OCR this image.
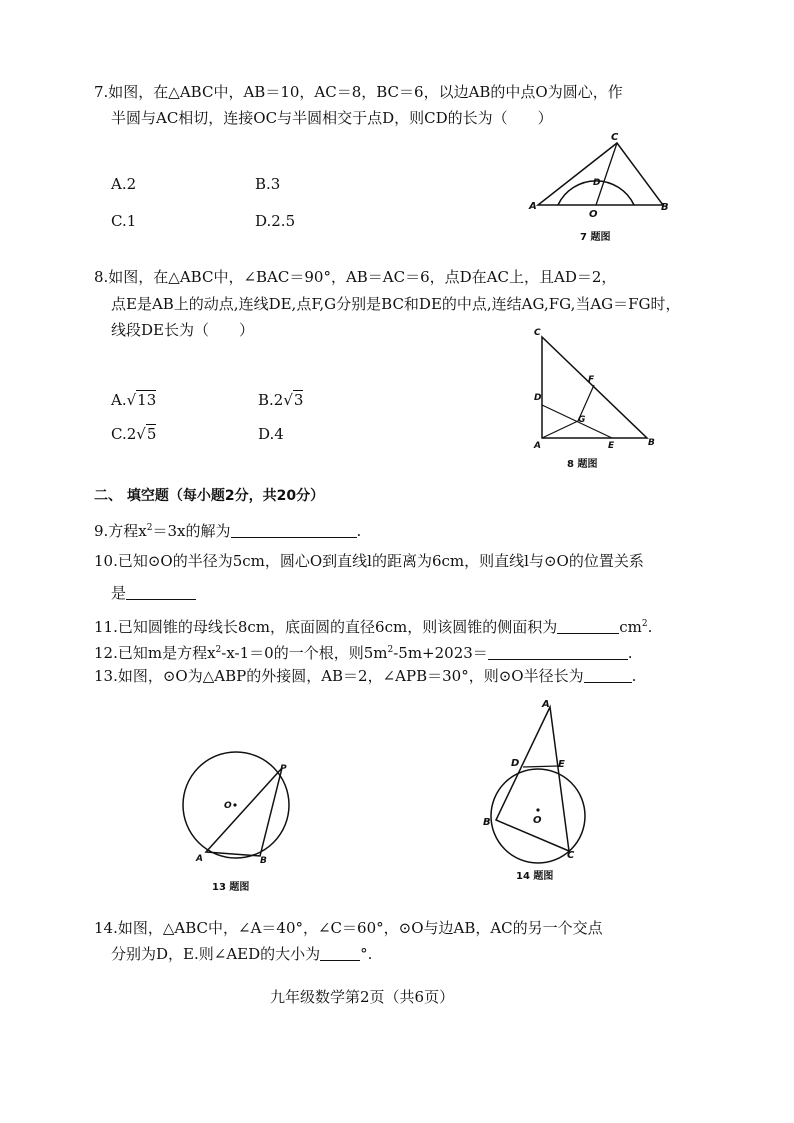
7.如图，在△ABC中，AB＝10，AC＝8，BC＝6，以边AB的中点O为圆心，作
半圆与AC相切，连接OC与半圆相交于点D，则CD的长为（　　）
A.2	B.3
C.1	D.2.5
C
D
A
O
B
7 题图
8.如图，在△ABC中，∠BAC＝90°，AB＝AC＝6，点D在AC上，且AD＝2，
点E是AB上的动点,连线DE,点F,G分别是BC和DE的中点,连结AG,FG,当AG＝FG时，
线段DE长为（　　）
A.√13	B.2√3
C.2√5	D.4
C
F
D
G
A	E	B
8 题图
二、 填空题（每小题2分，共20分）
9.方程$x^2=3x$的解为	.
10.已知⊙O的半径为5cm，圆心O到直线l的距离为6cm，则直线l与⊙O的位置关系
是
11.已知圆锥的母线长8cm，底面圆的直径6cm，则该圆锥的侧面积为	$cm^2$.
12.已知m是方程$x^2-x-1=0$的一个根，则$5m^2-5m+2023=$	.
13.如图，⊙O为△ABP的外接圆，AB＝2，∠APB＝30°，则⊙O半径长为	.
O
P
A	B
13 题图
A
D	E
O
B
C
14 题图
14.如图，△ABC中，∠A＝40°，∠C＝60°，⊙O与边AB，AC的另一个交点
分别为D，E.则∠AED的大小为	°.
九年级数学第2页（共6页）
